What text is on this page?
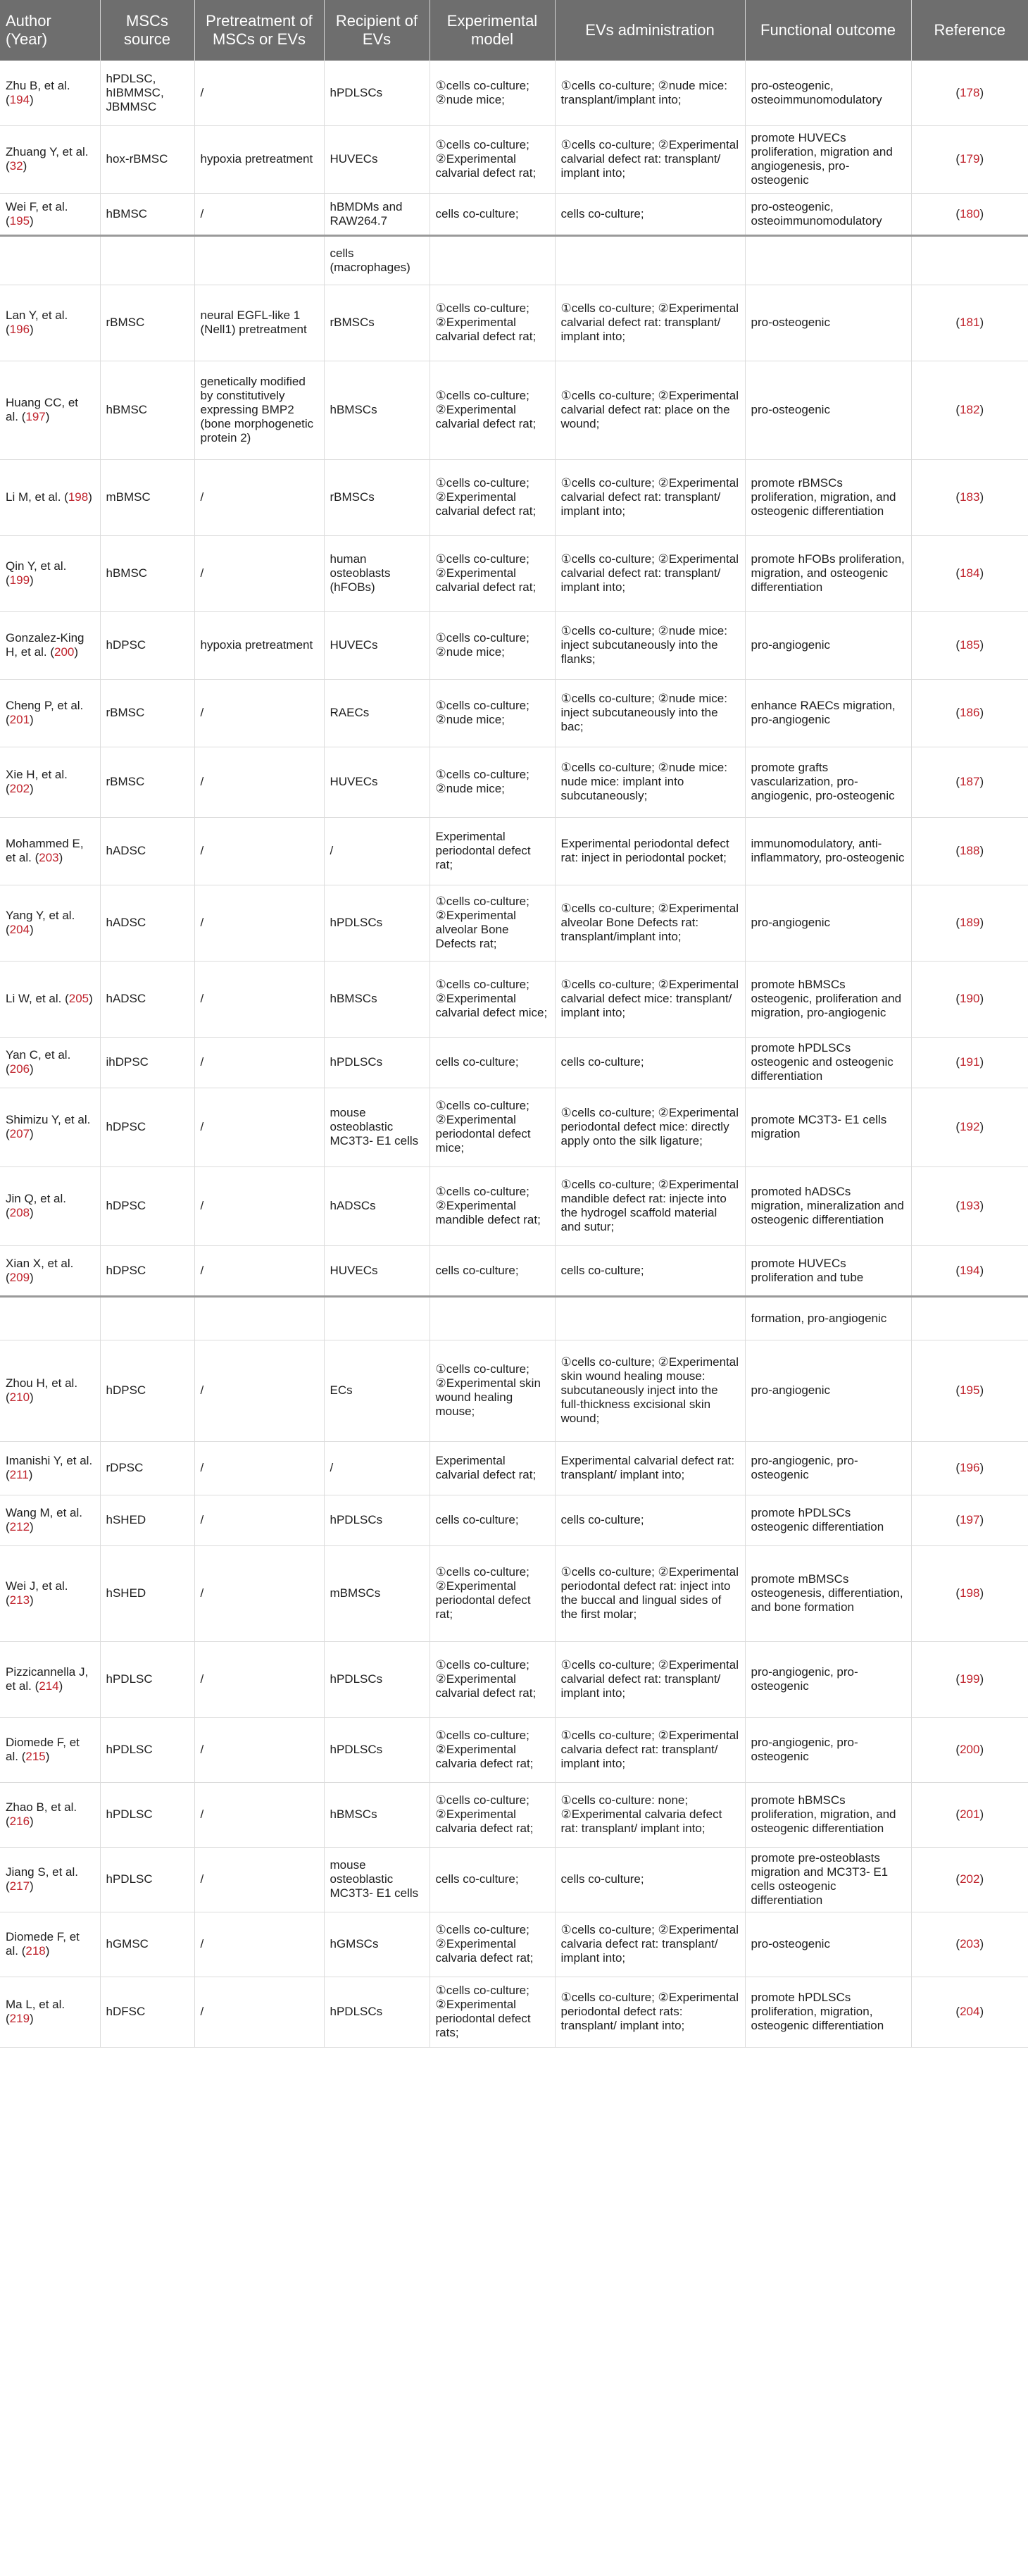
Author (Year)	MSCs source	Pretreatment of MSCs or EVs	Recipient of EVs	Experimental model	EVs administration	Functional outcome	Reference
Zhu B, et al. (194)	hPDLSC, hIBMMSC, JBMMSC	/	hPDLSCs	①cells co-culture; ②nude mice;	①cells co-culture; ②nude mice: transplant/implant into;	pro-osteogenic, osteoimmunomodulatory	(178)
Zhuang Y, et al. (32)	hox-rBMSC	hypoxia pretreatment	HUVECs	①cells co-culture; ②Experimental calvarial defect rat;	①cells co-culture; ②Experimental calvarial defect rat: transplant/ implant into;	promote HUVECs proliferation, migration and angiogenesis, pro-osteogenic	(179)
Wei F, et al. (195)	hBMSC	/	hBMDMs and RAW264.7	cells co-culture;	cells co-culture;	pro-osteogenic, osteoimmunomodulatory	(180)
			cells (macrophages)				
Lan Y, et al. (196)	rBMSC	neural EGFL-like 1 (Nell1) pretreatment	rBMSCs	①cells co-culture; ②Experimental calvarial defect rat;	①cells co-culture; ②Experimental calvarial defect rat: transplant/ implant into;	pro-osteogenic	(181)
Huang CC, et al. (197)	hBMSC	genetically modified by constitutively expressing BMP2 (bone morphogenetic protein 2)	hBMSCs	①cells co-culture; ②Experimental calvarial defect rat;	①cells co-culture; ②Experimental calvarial defect rat: place on the wound;	pro-osteogenic	(182)
Li M, et al. (198)	mBMSC	/	rBMSCs	①cells co-culture; ②Experimental calvarial defect rat;	①cells co-culture; ②Experimental calvarial defect rat: transplant/ implant into;	promote rBMSCs proliferation, migration, and osteogenic differentiation	(183)
Qin Y, et al. (199)	hBMSC	/	human osteoblasts (hFOBs)	①cells co-culture; ②Experimental calvarial defect rat;	①cells co-culture; ②Experimental calvarial defect rat: transplant/ implant into;	promote hFOBs proliferation, migration, and osteogenic differentiation	(184)
Gonzalez-King H, et al. (200)	hDPSC	hypoxia pretreatment	HUVECs	①cells co-culture; ②nude mice;	①cells co-culture; ②nude mice: inject subcutaneously into the flanks;	pro-angiogenic	(185)
Cheng P, et al. (201)	rBMSC	/	RAECs	①cells co-culture; ②nude mice;	①cells co-culture; ②nude mice: inject subcutaneously into the bac;	enhance RAECs migration, pro-angiogenic	(186)
Xie H, et al. (202)	rBMSC	/	HUVECs	①cells co-culture; ②nude mice;	①cells co-culture; ②nude mice: nude mice: implant into subcutaneously;	promote grafts vascularization, pro-angiogenic, pro-osteogenic	(187)
Mohammed E, et al. (203)	hADSC	/	/	Experimental periodontal defect rat;	Experimental periodontal defect rat: inject in periodontal pocket;	immunomodulatory, anti-inflammatory, pro-osteogenic	(188)
Yang Y, et al. (204)	hADSC	/	hPDLSCs	①cells co-culture; ②Experimental alveolar Bone Defects rat;	①cells co-culture; ②Experimental alveolar Bone Defects rat: transplant/implant into;	pro-angiogenic	(189)
Li W, et al. (205)	hADSC	/	hBMSCs	①cells co-culture; ②Experimental calvarial defect mice;	①cells co-culture; ②Experimental calvarial defect mice: transplant/ implant into;	promote hBMSCs osteogenic, proliferation and migration, pro-angiogenic	(190)
Yan C, et al. (206)	ihDPSC	/	hPDLSCs	cells co-culture;	cells co-culture;	promote hPDLSCs osteogenic and osteogenic differentiation	(191)
Shimizu Y, et al. (207)	hDPSC	/	mouse osteoblastic MC3T3- E1 cells	①cells co-culture; ②Experimental periodontal defect mice;	①cells co-culture; ②Experimental periodontal defect mice: directly apply onto the silk ligature;	promote MC3T3- E1 cells migration	(192)
Jin Q, et al. (208)	hDPSC	/	hADSCs	①cells co-culture; ②Experimental mandible defect rat;	①cells co-culture; ②Experimental mandible defect rat: injecte into the hydrogel scaffold material and sutur;	promoted hADSCs migration, mineralization and osteogenic differentiation	(193)
Xian X, et al. (209)	hDPSC	/	HUVECs	cells co-culture;	cells co-culture;	promote HUVECs proliferation and tube	(194)
						formation, pro-angiogenic	
Zhou H, et al. (210)	hDPSC	/	ECs	①cells co-culture; ②Experimental skin wound healing mouse;	①cells co-culture; ②Experimental skin wound healing mouse: subcutaneously inject into the full-thickness excisional skin wound;	pro-angiogenic	(195)
Imanishi Y, et al. (211)	rDPSC	/	/	Experimental calvarial defect rat;	Experimental calvarial defect rat: transplant/ implant into;	pro-angiogenic, pro-osteogenic	(196)
Wang M, et al. (212)	hSHED	/	hPDLSCs	cells co-culture;	cells co-culture;	promote hPDLSCs osteogenic differentiation	(197)
Wei J, et al. (213)	hSHED	/	mBMSCs	①cells co-culture; ②Experimental periodontal defect rat;	①cells co-culture; ②Experimental periodontal defect rat: inject into the buccal and lingual sides of the first molar;	promote mBMSCs osteogenesis, differentiation, and bone formation	(198)
Pizzicannella J, et al. (214)	hPDLSC	/	hPDLSCs	①cells co-culture; ②Experimental calvarial defect rat;	①cells co-culture; ②Experimental calvarial defect rat: transplant/ implant into;	pro-angiogenic, pro-osteogenic	(199)
Diomede F, et al. (215)	hPDLSC	/	hPDLSCs	①cells co-culture; ②Experimental calvaria defect rat;	①cells co-culture; ②Experimental calvaria defect rat: transplant/ implant into;	pro-angiogenic, pro-osteogenic	(200)
Zhao B, et al. (216)	hPDLSC	/	hBMSCs	①cells co-culture; ②Experimental calvaria defect rat;	①cells co-culture: none; ②Experimental calvaria defect rat: transplant/ implant into;	promote hBMSCs proliferation, migration, and osteogenic differentiation	(201)
Jiang S, et al. (217)	hPDLSC	/	mouse osteoblastic MC3T3- E1 cells	cells co-culture;	cells co-culture;	promote pre-osteoblasts migration and MC3T3- E1 cells osteogenic differentiation	(202)
Diomede F, et al. (218)	hGMSC	/	hGMSCs	①cells co-culture; ②Experimental calvaria defect rat;	①cells co-culture; ②Experimental calvaria defect rat: transplant/ implant into;	pro-osteogenic	(203)
Ma L, et al. (219)	hDFSC	/	hPDLSCs	①cells co-culture; ②Experimental periodontal defect rats;	①cells co-culture; ②Experimental periodontal defect rats: transplant/ implant into;	promote hPDLSCs proliferation, migration, osteogenic differentiation	(204)
